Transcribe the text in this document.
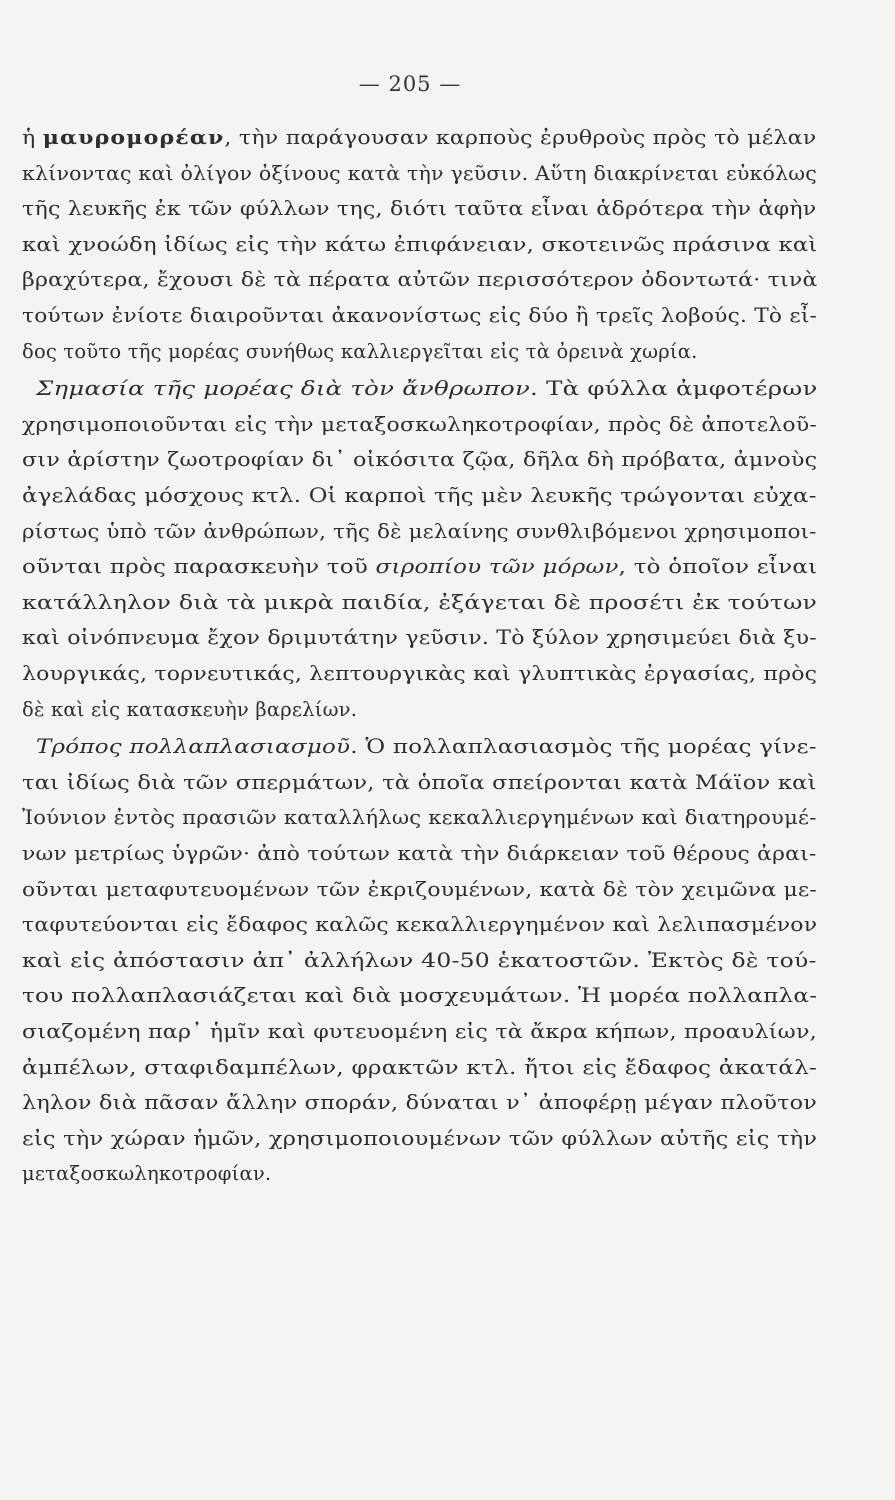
— 205 —
ἡ μαυρομορέαν, τὴν παράγουσαν καρποὺς ἐρυθροὺς πρὸς τὸ μέλαν
κλίνοντας καὶ ὀλίγον ὀξίνους κατὰ τὴν γεῦσιν. Αὕτη διακρίνεται εὐκόλως
τῆς λευκῆς ἐκ τῶν φύλλων της, διότι ταῦτα εἶναι ἁδρότερα τὴν ἁφὴν
καὶ χνοώδη ἰδίως εἰς τὴν κάτω ἐπιφάνειαν, σκοτεινῶς πράσινα καὶ
βραχύτερα, ἔχουσι δὲ τὰ πέρατα αὐτῶν περισσότερον ὀδοντωτά· τινὰ
τούτων ἐνίοτε διαιροῦνται ἀκανονίστως εἰς δύο ἢ τρεῖς λοβούς. Τὸ εἶ-
δος τοῦτο τῆς μορέας συνήθως καλλιεργεῖται εἰς τὰ ὀρεινὰ χωρία.
Σημασία τῆς μορέας διὰ τὸν ἄνθρωπον. Τὰ φύλλα ἀμφοτέρων
χρησιμοποιοῦνται εἰς τὴν μεταξοσκωληκοτροφίαν, πρὸς δὲ ἀποτελοῦ-
σιν ἀρίστην ζωοτροφίαν δι᾽ οἰκόσιτα ζῷα, δῆλα δὴ πρόβατα, ἀμνοὺς
ἀγελάδας μόσχους κτλ. Οἱ καρποὶ τῆς μὲν λευκῆς τρώγονται εὐχα-
ρίστως ὑπὸ τῶν ἀνθρώπων, τῆς δὲ μελαίνης συνθλιβόμενοι χρησιμοποι-
οῦνται πρὸς παρασκευὴν τοῦ σιροπίου τῶν μόρων, τὸ ὁποῖον εἶναι
κατάλληλον διὰ τὰ μικρὰ παιδία, ἐξάγεται δὲ προσέτι ἐκ τούτων
καὶ οἰνόπνευμα ἔχον δριμυτάτην γεῦσιν. Τὸ ξύλον χρησιμεύει διὰ ξυ-
λουργικάς, τορνευτικάς, λεπτουργικὰς καὶ γλυπτικὰς ἐργασίας, πρὸς
δὲ καὶ εἰς κατασκευὴν βαρελίων.
Τρόπος πολλαπλασιασμοῦ. Ὁ πολλαπλασιασμὸς τῆς μορέας γίνε-
ται ἰδίως διὰ τῶν σπερμάτων, τὰ ὁποῖα σπείρονται κατὰ Μάϊον καὶ
Ἰούνιον ἐντὸς πρασιῶν καταλλήλως κεκαλλιεργημένων καὶ διατηρουμέ-
νων μετρίως ὑγρῶν· ἀπὸ τούτων κατὰ τὴν διάρκειαν τοῦ θέρους ἀραι-
οῦνται μεταφυτευομένων τῶν ἐκριζουμένων, κατὰ δὲ τὸν χειμῶνα με-
ταφυτεύονται εἰς ἔδαφος καλῶς κεκαλλιεργημένον καὶ λελιπασμένον
καὶ εἰς ἀπόστασιν ἀπ᾽ ἀλλήλων 40-50 ἑκατοστῶν. Ἐκτὸς δὲ τού-
του πολλαπλασιάζεται καὶ διὰ μοσχευμάτων. Ἡ μορέα πολλαπλα-
σιαζομένη παρ᾽ ἡμῖν καὶ φυτευομένη εἰς τὰ ἄκρα κήπων, προαυλίων,
ἀμπέλων, σταφιδαμπέλων, φρακτῶν κτλ. ἤτοι εἰς ἔδαφος ἀκατάλ-
ληλον διὰ πᾶσαν ἄλλην σποράν, δύναται ν᾽ ἀποφέρῃ μέγαν πλοῦτον
εἰς τὴν χώραν ἡμῶν, χρησιμοποιουμένων τῶν φύλλων αὐτῆς εἰς τὴν
μεταξοσκωληκοτροφίαν.
